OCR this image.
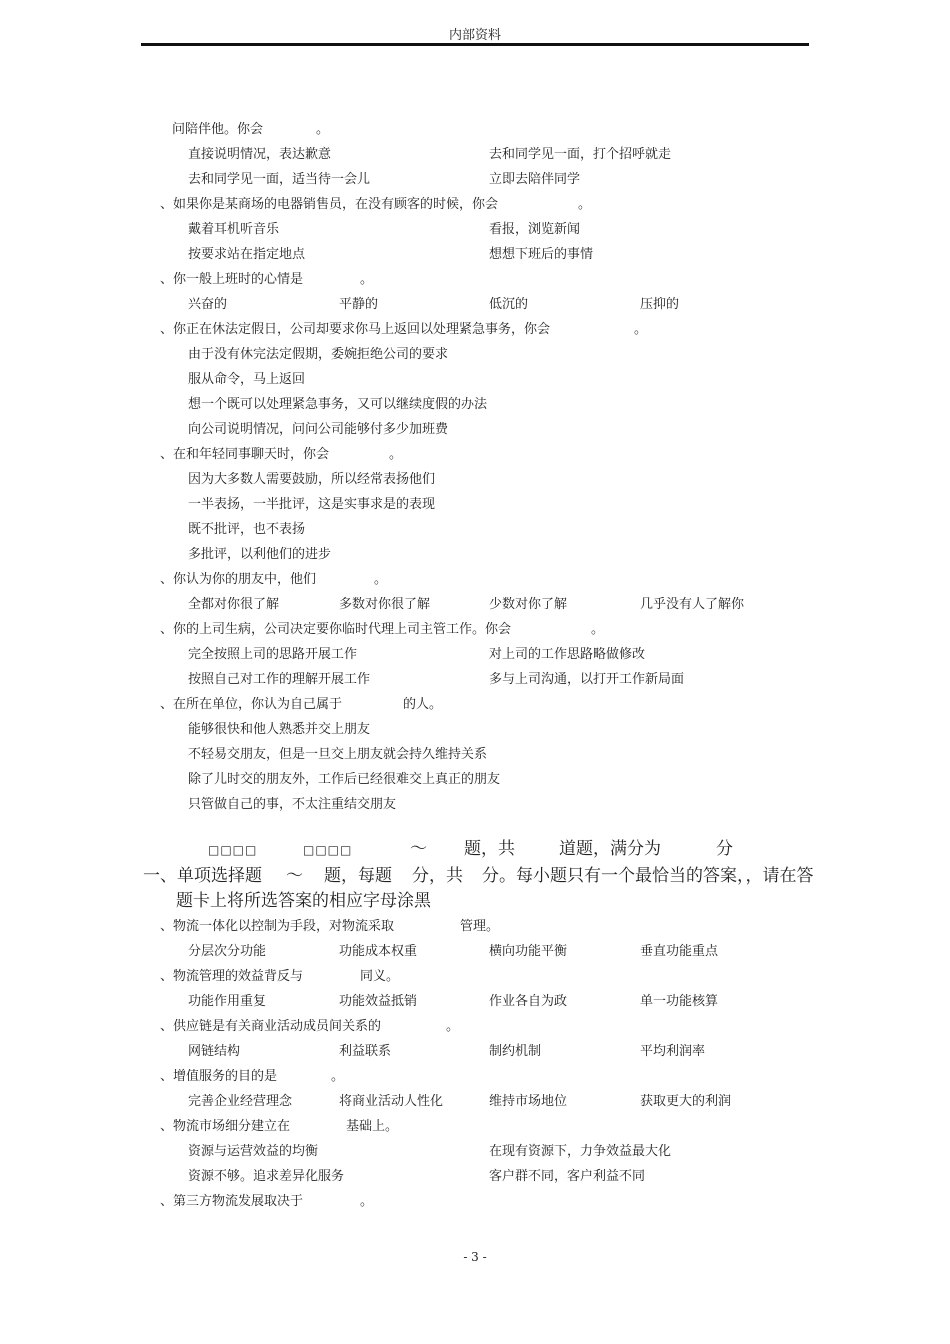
内部资料
问陪伴他。你会	。
直接说明情况，表达歉意	去和同学见一面，打个招呼就走
去和同学见一面，适当待一会儿	立即去陪伴同学
、如果你是某商场的电器销售员，在没有顾客的时候，你会	。
戴着耳机听音乐	看报，浏览新闻
按要求站在指定地点	想想下班后的事情
、你一般上班时的心情是	。
兴奋的	平静的	低沉的	压抑的
、你正在休法定假日，公司却要求你马上返回以处理紧急事务，你会	。
由于没有休完法定假期，委婉拒绝公司的要求
服从命令，马上返回
想一个既可以处理紧急事务，又可以继续度假的办法
向公司说明情况，问问公司能够付多少加班费
、在和年轻同事聊天时，你会	。
因为大多数人需要鼓励，所以经常表扬他们
一半表扬，一半批评，这是实事求是的表现
既不批评，也不表扬
多批评，以利他们的进步
、你认为你的朋友中，他们	。
全都对你很了解	多数对你很了解	少数对你了解	几乎没有人了解你
、你的上司生病，公司决定要你临时代理上司主管工作。你会	。
完全按照上司的思路开展工作	对上司的工作思路略做修改
按照自己对工作的理解开展工作	多与上司沟通，以打开工作新局面
、在所在单位，你认为自己属于	的人。
能够很快和他人熟悉并交上朋友
不轻易交朋友，但是一旦交上朋友就会持久维持关系
除了儿时交的朋友外，工作后已经很难交上真正的朋友
只管做自己的事，不太注重结交朋友
□□□□	□□□□	～ 题，共	道题，满分为	分
一、单项选择题 ～ 题，每题 分，共 分。每小题只有一个最恰当的答案，，请在答
题卡上将所选答案的相应字母涂黑
、物流一体化以控制为手段，对物流采取	管理。
分层次分功能	功能成本权重	横向功能平衡	垂直功能重点
、物流管理的效益背反与	同义。
功能作用重复	功能效益抵销	作业各自为政	单一功能核算
、供应链是有关商业活动成员间关系的	。
网链结构	利益联系	制约机制	平均利润率
、增值服务的目的是	。
完善企业经营理念	将商业活动人性化	维持市场地位	获取更大的利润
、物流市场细分建立在	基础上。
资源与运营效益的均衡	在现有资源下，力争效益最大化
资源不够。追求差异化服务	客户群不同，客户利益不同
、第三方物流发展取决于	。
- 3 -
